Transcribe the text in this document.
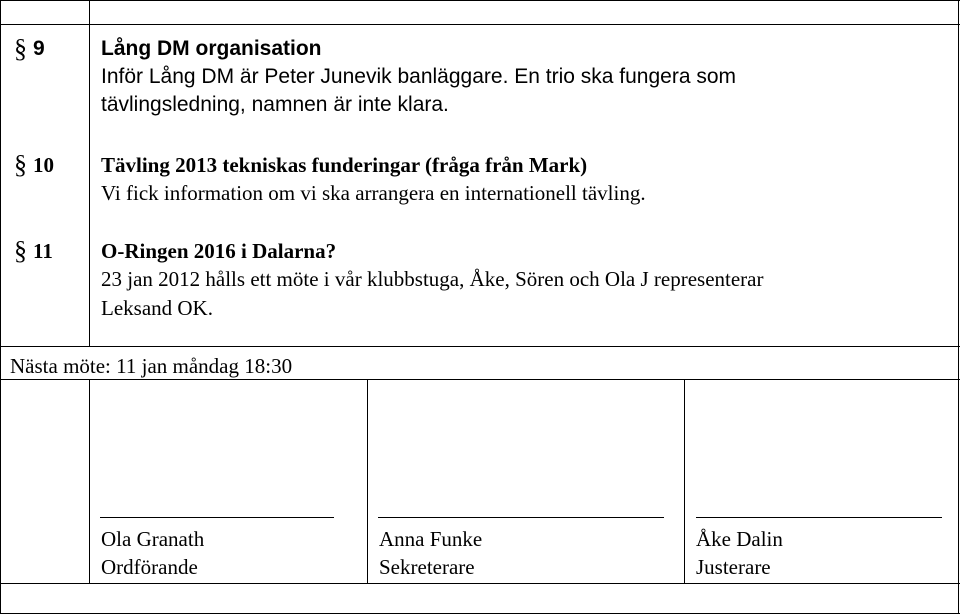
§ 9	Lång DM organisation
Inför Lång DM är Peter Junevik banläggare. En trio ska fungera som
tävlingsledning, namnen är inte klara.
§ 10 Tävling 2013 tekniskas funderingar (fråga från Mark)
Vi fick information om vi ska arrangera en internationell tävling.
§ 11 O-Ringen 2016 i Dalarna?
23 jan 2012 hålls ett möte i vår klubbstuga, Åke, Sören och Ola J representerar
Leksand OK.
Nästa möte: 11 jan måndag 18:30
Ola Granath
Ordförande
Anna Funke
Sekreterare
Åke Dalin
Justerare
